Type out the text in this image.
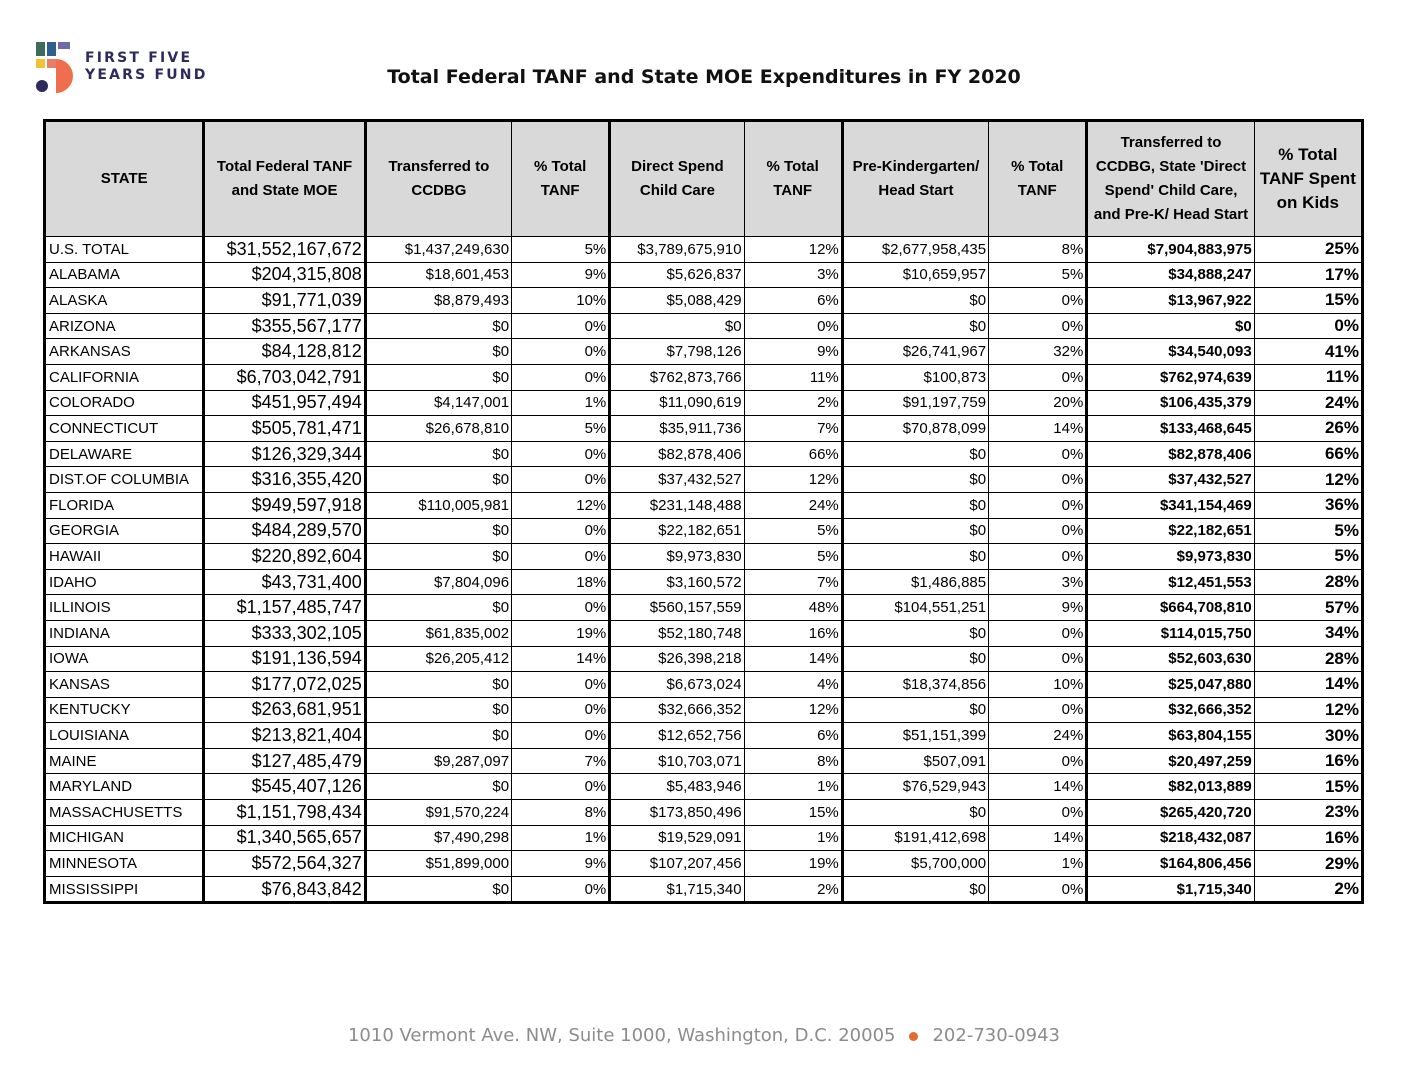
FIRST FIVE
YEARS FUND	Total Federal TANF and State MOE Expenditures in FY 2020
STATE	Total Federal TANF and State MOE	Transferred to CCDBG	% Total TANF	Direct Spend Child Care	% Total TANF	Pre-Kindergarten/ Head Start	% Total TANF	Transferred to CCDBG, State 'Direct Spend' Child Care, and Pre-K/ Head Start	% Total TANF Spent on Kids
U.S. TOTAL	$31,552,167,672	$1,437,249,630	5%	$3,789,675,910	12%	$2,677,958,435	8%	$7,904,883,975	25%
ALABAMA	$204,315,808	$18,601,453	9%	$5,626,837	3%	$10,659,957	5%	$34,888,247	17%
ALASKA	$91,771,039	$8,879,493	10%	$5,088,429	6%	$0	0%	$13,967,922	15%
ARIZONA	$355,567,177	$0	0%	$0	0%	$0	0%	$0	0%
ARKANSAS	$84,128,812	$0	0%	$7,798,126	9%	$26,741,967	32%	$34,540,093	41%
CALIFORNIA	$6,703,042,791	$0	0%	$762,873,766	11%	$100,873	0%	$762,974,639	11%
COLORADO	$451,957,494	$4,147,001	1%	$11,090,619	2%	$91,197,759	20%	$106,435,379	24%
CONNECTICUT	$505,781,471	$26,678,810	5%	$35,911,736	7%	$70,878,099	14%	$133,468,645	26%
DELAWARE	$126,329,344	$0	0%	$82,878,406	66%	$0	0%	$82,878,406	66%
DIST.OF COLUMBIA	$316,355,420	$0	0%	$37,432,527	12%	$0	0%	$37,432,527	12%
FLORIDA	$949,597,918	$110,005,981	12%	$231,148,488	24%	$0	0%	$341,154,469	36%
GEORGIA	$484,289,570	$0	0%	$22,182,651	5%	$0	0%	$22,182,651	5%
HAWAII	$220,892,604	$0	0%	$9,973,830	5%	$0	0%	$9,973,830	5%
IDAHO	$43,731,400	$7,804,096	18%	$3,160,572	7%	$1,486,885	3%	$12,451,553	28%
ILLINOIS	$1,157,485,747	$0	0%	$560,157,559	48%	$104,551,251	9%	$664,708,810	57%
INDIANA	$333,302,105	$61,835,002	19%	$52,180,748	16%	$0	0%	$114,015,750	34%
IOWA	$191,136,594	$26,205,412	14%	$26,398,218	14%	$0	0%	$52,603,630	28%
KANSAS	$177,072,025	$0	0%	$6,673,024	4%	$18,374,856	10%	$25,047,880	14%
KENTUCKY	$263,681,951	$0	0%	$32,666,352	12%	$0	0%	$32,666,352	12%
LOUISIANA	$213,821,404	$0	0%	$12,652,756	6%	$51,151,399	24%	$63,804,155	30%
MAINE	$127,485,479	$9,287,097	7%	$10,703,071	8%	$507,091	0%	$20,497,259	16%
MARYLAND	$545,407,126	$0	0%	$5,483,946	1%	$76,529,943	14%	$82,013,889	15%
MASSACHUSETTS	$1,151,798,434	$91,570,224	8%	$173,850,496	15%	$0	0%	$265,420,720	23%
MICHIGAN	$1,340,565,657	$7,490,298	1%	$19,529,091	1%	$191,412,698	14%	$218,432,087	16%
MINNESOTA	$572,564,327	$51,899,000	9%	$107,207,456	19%	$5,700,000	1%	$164,806,456	29%
MISSISSIPPI	$76,843,842	$0	0%	$1,715,340	2%	$0	0%	$1,715,340	2%
1010 Vermont Ave. NW, Suite 1000, Washington, D.C. 20005 202-730-0943
